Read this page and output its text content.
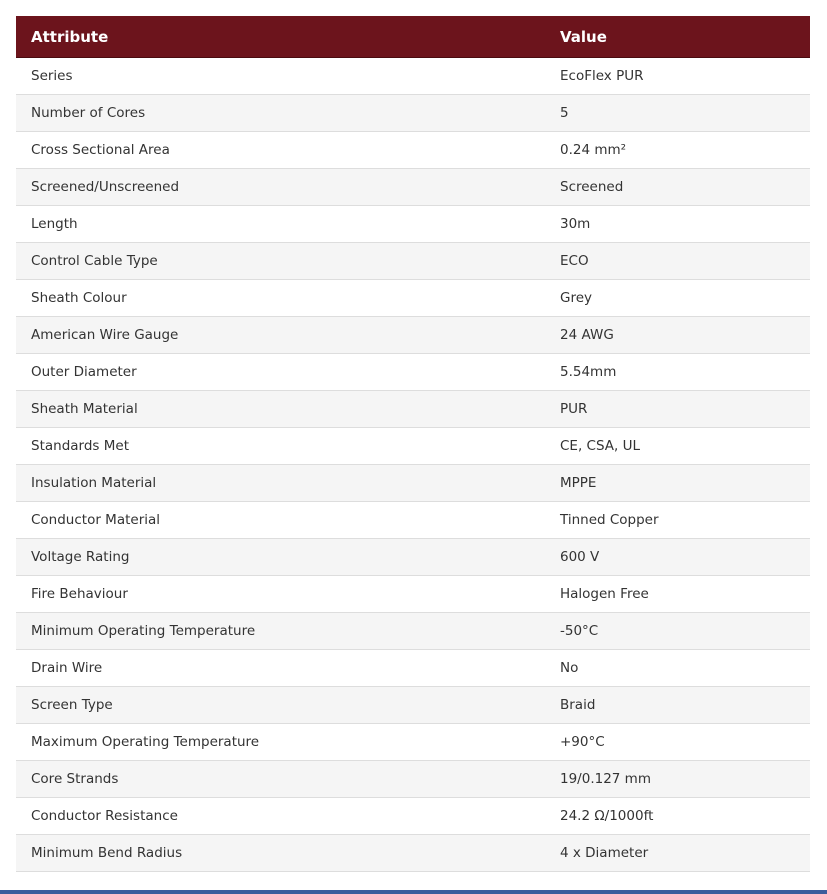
Attribute	Value
Series	EcoFlex PUR
Number of Cores	5
Cross Sectional Area	0.24 mm²
Screened/Unscreened	Screened
Length	30m
Control Cable Type	ECO
Sheath Colour	Grey
American Wire Gauge	24 AWG
Outer Diameter	5.54mm
Sheath Material	PUR
Standards Met	CE, CSA, UL
Insulation Material	MPPE
Conductor Material	Tinned Copper
Voltage Rating	600 V
Fire Behaviour	Halogen Free
Minimum Operating Temperature	-50°C
Drain Wire	No
Screen Type	Braid
Maximum Operating Temperature	+90°C
Core Strands	19/0.127 mm
Conductor Resistance	24.2 Ω/1000ft
Minimum Bend Radius	4 x Diameter
